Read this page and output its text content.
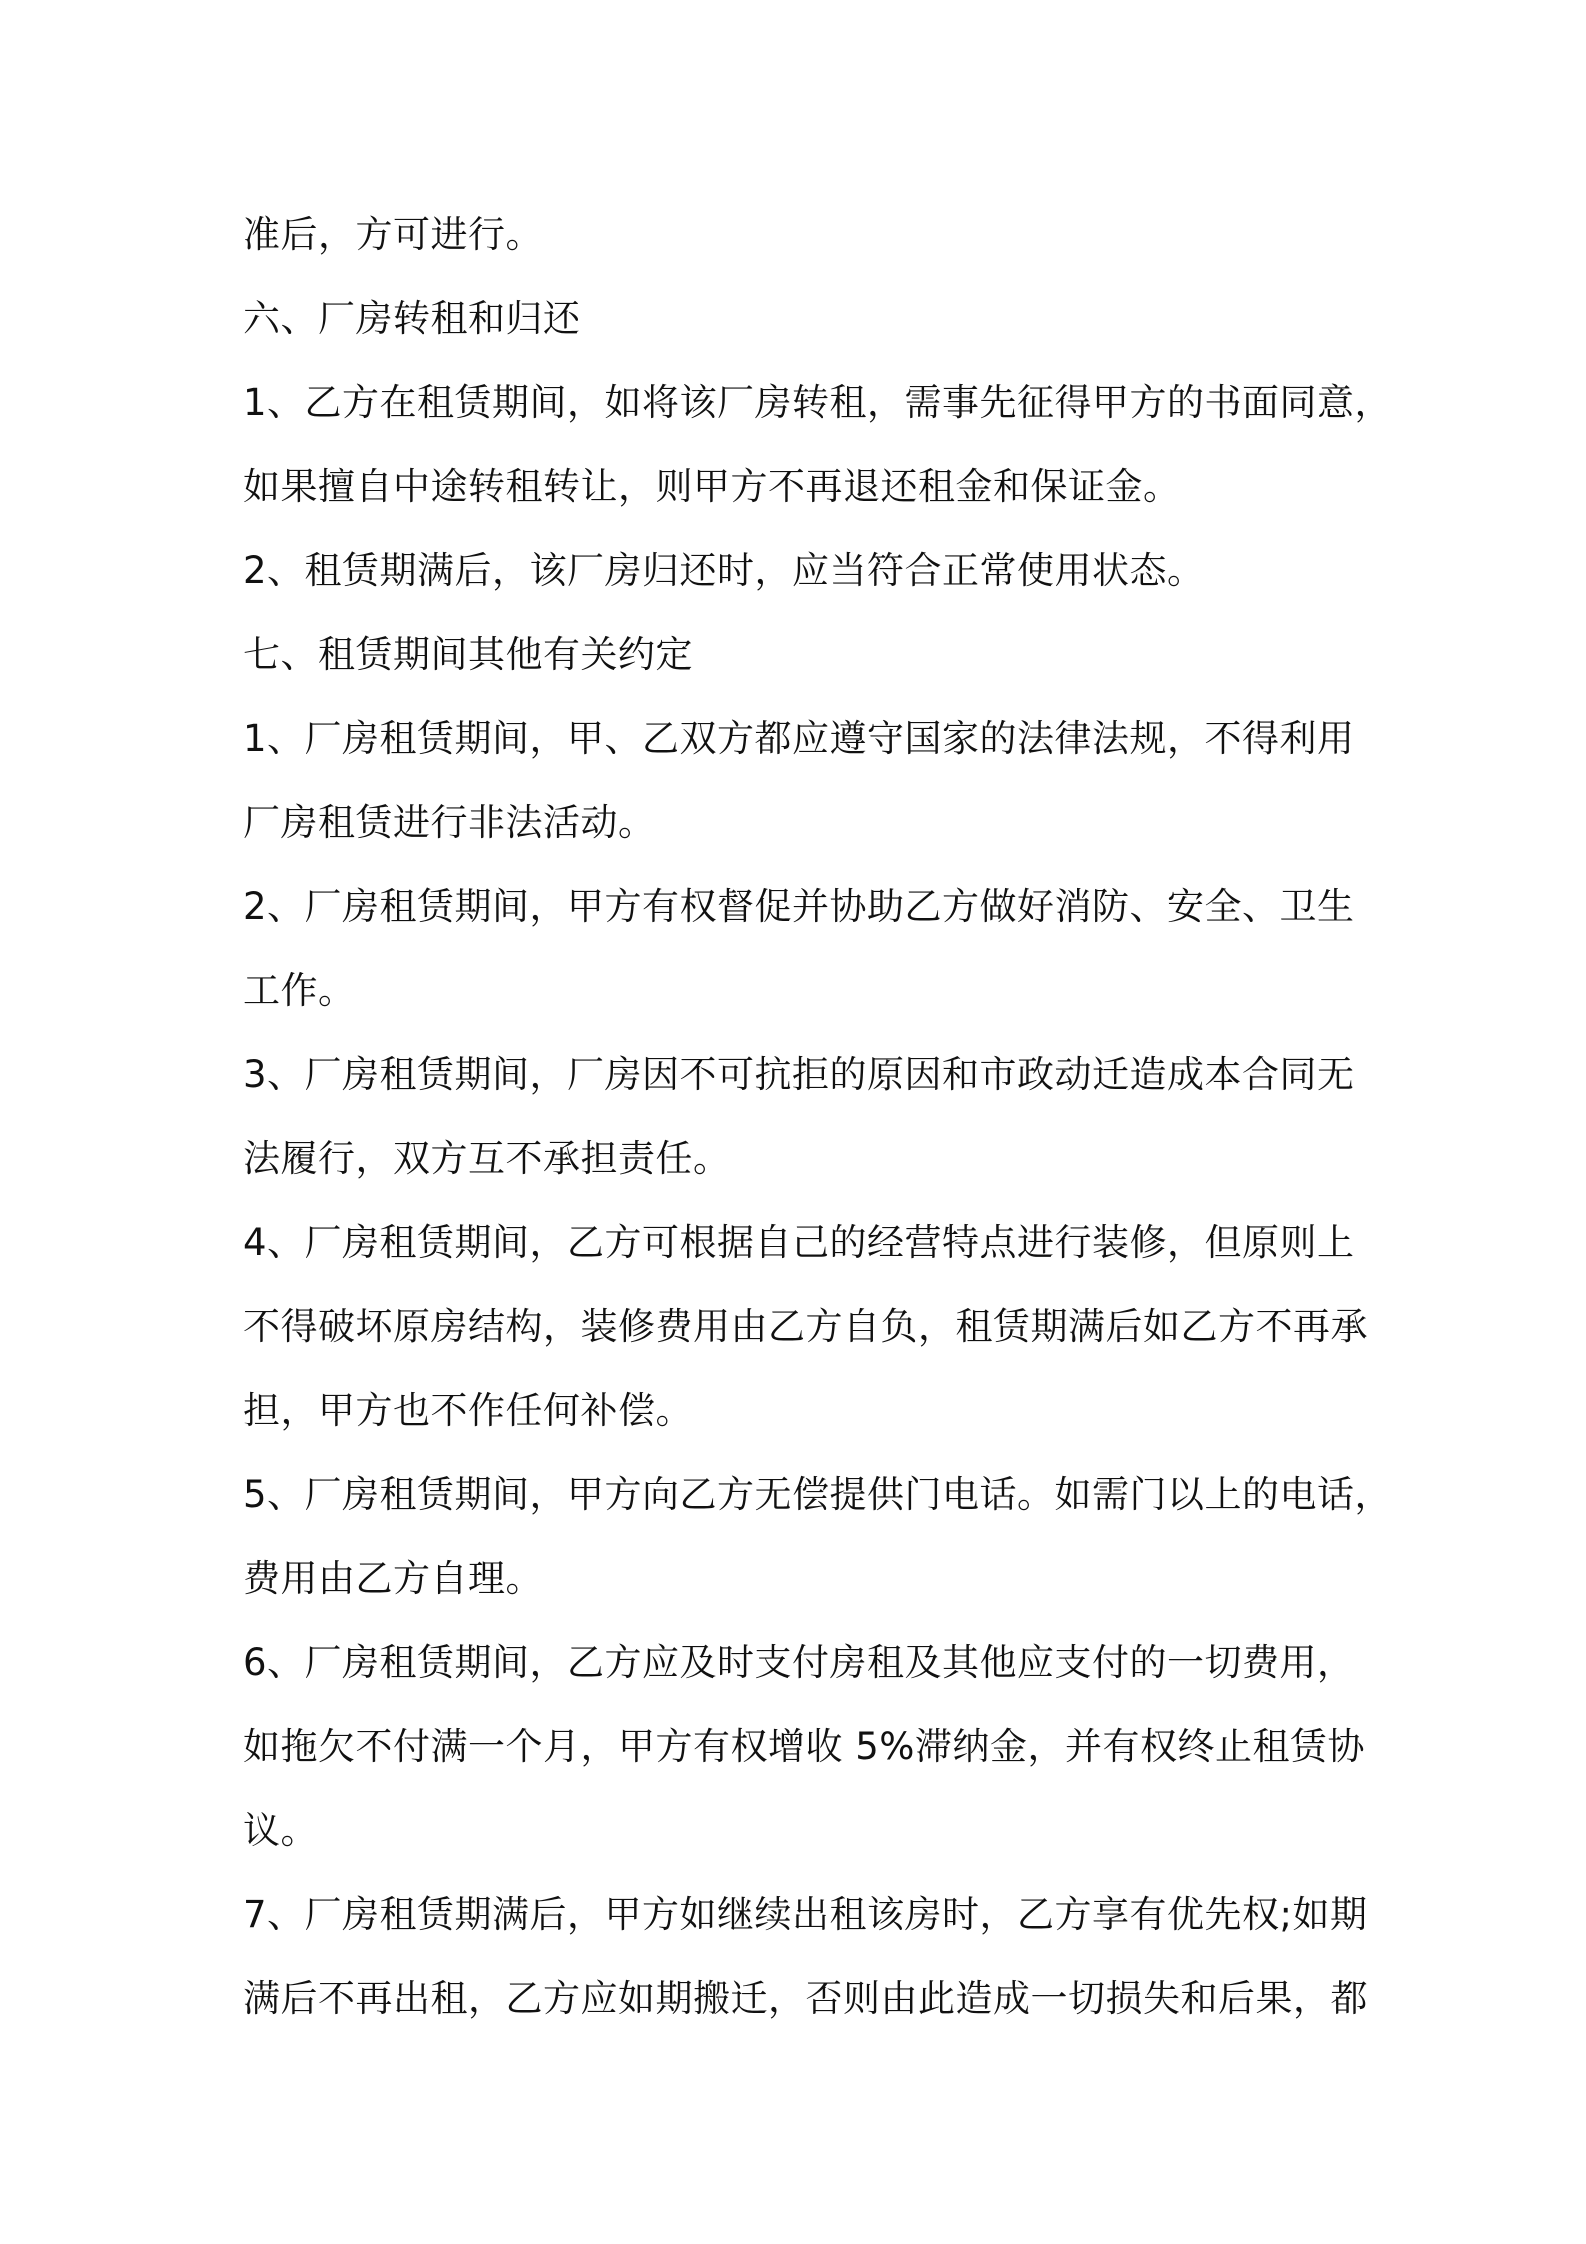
准后，方可进行。
六、厂房转租和归还
1、乙方在租赁期间，如将该厂房转租，需事先征得甲方的书面同意，
如果擅自中途转租转让，则甲方不再退还租金和保证金。
2、租赁期满后，该厂房归还时，应当符合正常使用状态。
七、租赁期间其他有关约定
1、厂房租赁期间，甲、乙双方都应遵守国家的法律法规，不得利用
厂房租赁进行非法活动。
2、厂房租赁期间，甲方有权督促并协助乙方做好消防、安全、卫生
工作。
3、厂房租赁期间，厂房因不可抗拒的原因和市政动迁造成本合同无
法履行，双方互不承担责任。
4、厂房租赁期间，乙方可根据自己的经营特点进行装修，但原则上
不得破坏原房结构，装修费用由乙方自负，租赁期满后如乙方不再承
担，甲方也不作任何补偿。
5、厂房租赁期间，甲方向乙方无偿提供门电话。如需门以上的电话，
费用由乙方自理。
6、厂房租赁期间，乙方应及时支付房租及其他应支付的一切费用，
如拖欠不付满一个月，甲方有权增收 5%滞纳金，并有权终止租赁协
议。
7、厂房租赁期满后，甲方如继续出租该房时，乙方享有优先权;如期
满后不再出租，乙方应如期搬迁，否则由此造成一切损失和后果，都
